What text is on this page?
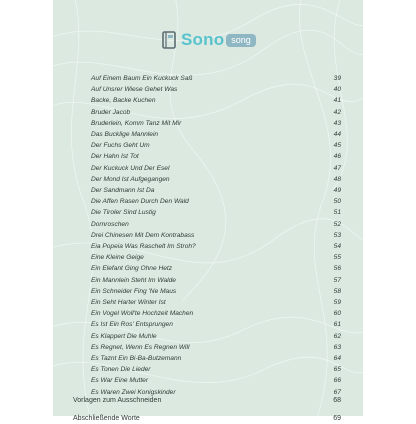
Sono song
Auf Einem Baum Ein Kuckuck Saß	39
Auf Unsrer Wiese Gehet Was	40
Backe, Backe Kuchen	41
Bruder Jacob	42
Bruderlein, Komm Tanz Mit Mir	43
Das Bucklige Mannlein	44
Der Fuchs Geht Um	45
Der Hahn Ist Tot	46
Der Kuckuck Und Der Esel	47
Der Mond Ist Aufgegangen	48
Der Sandmann Ist Da	49
Die Affen Rasen Durch Den Wald	50
Die Tiroler Sind Lustig	51
Dornroschen	52
Drei Chinesen Mit Dem Kontrabass	53
Eia Popeia Was Raschelt Im Stroh?	54
Eine Kleine Geige	55
Ein Elefant Ging Ohne Hetz	56
Ein Mannlein Steht Im Walde	57
Ein Schneider Fing 'Ne Maus	58
Ein Seht Harter Winter Ist	59
Ein Vogel Woll'te Hochzeit Machen	60
Es Ist Ein Ros' Entsprungen	61
Es Klappert Die Muhle	62
Es Regnet, Wenn Es Regnen Will	63
Es Taznt Ein Bi-Ba-Butzemann	64
Es Tonen Die Lieder	65
Es War Eine Mutter	66
Es Waren Zwei Konigskinder	67
Vorlagen zum Ausschneiden	68
Abschließende Worte	69
